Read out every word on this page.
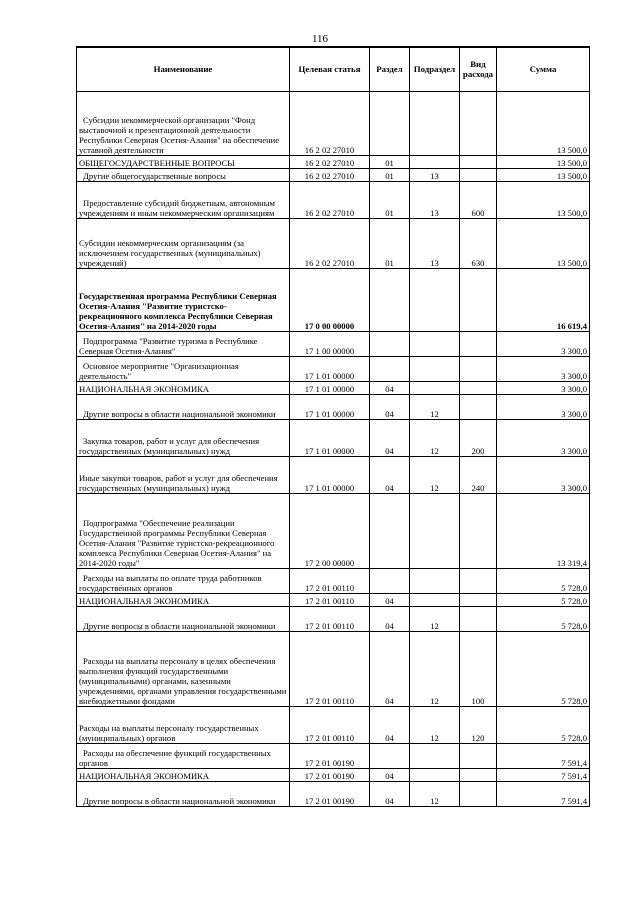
116
Наименование	Целевая статья	Раздел	Подраздел	Вид расхода	Сумма
Субсидии некоммерческой организации "Фонд выставочной и презентационной деятельности Республики Северная Осетия-Алания" на обеспечение уставной деятельности	16 2 02 27010				13 500,0
ОБЩЕГОСУДАРСТВЕННЫЕ ВОПРОСЫ	16 2 02 27010	01			13 500,0
Другие общегосударственные вопросы	16 2 02 27010	01	13		13 500,0
Предоставление субсидий бюджетным, автономным учреждениям и иным некоммерческим организациям	16 2 02 27010	01	13	600	13 500,0
Субсидии некоммерческим организациям (за исключением государственных (муниципальных) учреждений)	16 2 02 27010	01	13	630	13 500,0
Государственная программа Республики Северная Осетия-Алания "Развитие туристско-рекреационного комплекса Республики Северная Осетия-Алания" на 2014-2020 годы	17 0 00 00000				16 619,4
Подпрограмма "Развитие туризма в Республике Северная Осетия-Алания"	17 1 00 00000				3 300,0
Основное мероприятие "Организационная деятельность"	17 1 01 00000				3 300,0
НАЦИОНАЛЬНАЯ ЭКОНОМИКА	17 1 01 00000	04			3 300,0
Другие вопросы в области национальной экономики	17 1 01 00000	04	12		3 300,0
Закупка товаров, работ и услуг для обеспечения государственных (муниципальных) нужд	17 1 01 00000	04	12	200	3 300,0
Иные закупки товаров, работ и услуг для обеспечения государственных (муниципальных) нужд	17 1 01 00000	04	12	240	3 300,0
Подпрограмма "Обеспечение реализации Государственной программы Республики Северная Осетия-Алания "Развитие туристско-рекреационного комплекса Республики Северная Осетия-Алания" на 2014-2020 годы"	17 2 00 00000				13 319,4
Расходы на выплаты по оплате труда работников государственных органов	17 2 01 00110				5 728,0
НАЦИОНАЛЬНАЯ ЭКОНОМИКА	17 2 01 00110	04			5 728,0
Другие вопросы в области национальной экономики	17 2 01 00110	04	12		5 728,0
Расходы на выплаты персоналу в целях обеспечения выполнения функций государственными (муниципальными) органами, казенными учреждениями, органами управления государственными внебюджетными фондами	17 2 01 00110	04	12	100	5 728,0
Расходы на выплаты персоналу государственных (муниципальных) органов	17 2 01 00110	04	12	120	5 728,0
Расходы на обеспечение функций государственных органов	17 2 01 00190				7 591,4
НАЦИОНАЛЬНАЯ ЭКОНОМИКА	17 2 01 00190	04			7 591,4
Другие вопросы в области национальной экономики	17 2 01 00190	04	12		7 591,4
